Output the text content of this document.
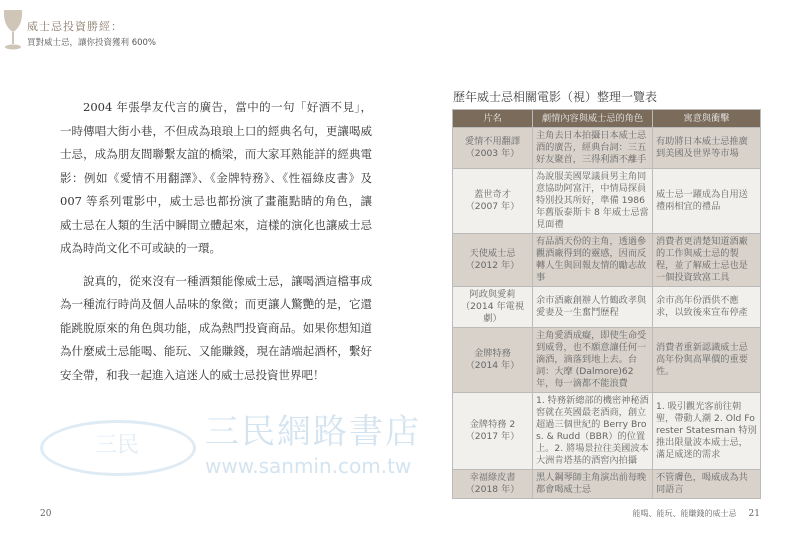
威士忌投資勝經：
買對威士忌，讓你投資獲利 600%

2004 年張學友代言的廣告，當中的一句「好酒不見」，一時傳唱大街小巷，不但成為琅琅上口的經典名句，更讓喝威士忌，成為朋友間聯繫友誼的橋梁，而大家耳熟能詳的經典電影：例如《愛情不用翻譯》、《金牌特務》、《性福綠皮書》及 007 等系列電影中，威士忌也都扮演了畫龍點睛的角色，讓威士忌在人類的生活中瞬間立體起來，這樣的演化也讓威士忌成為時尚文化不可或缺的一環。

說真的，從來沒有一種酒類能像威士忌，讓喝酒這檔事成為一種流行時尚及個人品味的象徵；而更讓人驚艷的是，它還能跳脫原來的角色與功能，成為熱門投資商品。如果你想知道為什麼威士忌能喝、能玩、又能賺錢，現在請端起酒杯，繫好安全帶，和我一起進入這迷人的威士忌投資世界吧！

歷年威士忌相關電影（視）整理一覽表
片名	劇情內容與威士忌的角色	寓意與衝擊
愛情不用翻譯
（2003 年）	主角去日本拍攝日本威士忌酒的廣告，經典台詞：三五好友聚首，三得利酒不離手	有助將日本威士忌推廣到美國及世界等市場
蓋世奇才
（2007 年）	為說服美國眾議員男主角同意協助阿富汗，中情局探員特別投其所好，準備 1986 年舊版泰斯卡 8 年威士忌當見面禮	威士忌一躍成為自用送禮兩相宜的禮品
天使威士忌
（2012 年）	有品酒天份的主角，透過參觀酒廠得到的靈感，因而反轉人生與回報友情的勵志故事	消費者更清楚知道酒廠的工作與威士忌的製程，並了解威士忌也是一個投資致富工具
阿政與愛莉
（2014 年電視劇）	余市酒廠創辦人竹鶴政孝與愛妻及一生奮鬥歷程	余市高年份酒供不應求，以致後來宣布停產
金牌特務
（2014 年）	主角愛酒成癡，即使生命受到威脅，也不願意讓任何一滴酒，滴落到地上去。台詞：大摩 (Dalmore)62 年，每一滴都不能浪費	消費者重新認識威士忌高年份與高單價的重要性。
金牌特務 2
（2017 年）	1. 特務新總部的機密神秘酒窖就在英國最老酒商，創立超過三個世紀的 Berry Bros. & Rudd（BBR）的位置上。2. 將場景拉往美國波本大洲肯塔基的酒窖內拍攝	1. 吸引觀光客前往朝聖，帶動人潮 2. Old Forester Statesman 特別推出限量波本威士忌，滿足威迷的需求
幸福綠皮書
（2018 年）	黑人鋼琴師主角演出前每晚都會喝威士忌	不管膚色，喝威成為共同語言
三民 三民網路書店
www.sanmin.com.tw
20	能喝、能玩、能賺錢的威士忌 21
